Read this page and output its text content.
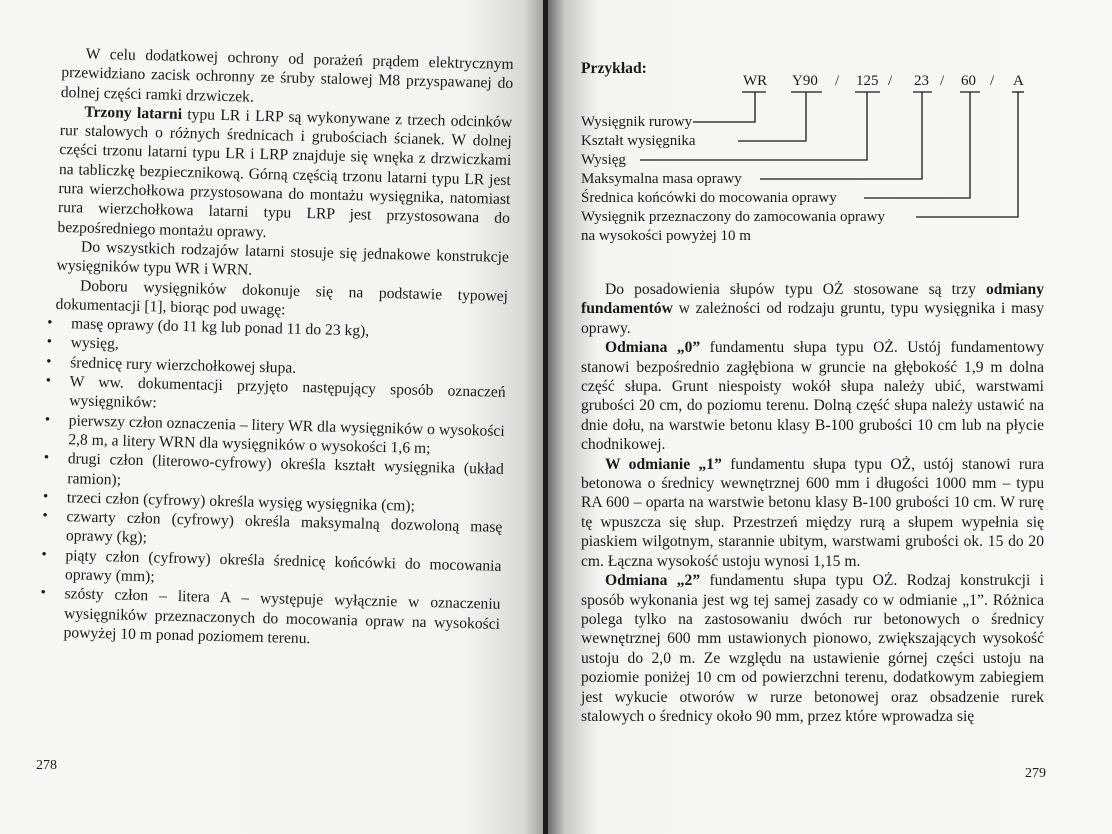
W celu dodatkowej ochrony od porażeń prądem elektrycznym przewidziano zacisk ochronny ze śruby stalowej M8 przyspawanej do dolnej części ramki drzwiczek.

Trzony latarni typu LR i LRP są wykonywane z trzech odcinków rur stalowych o różnych średnicach i grubościach ścianek. W dolnej części trzonu latarni typu LR i LRP znajduje się wnęka z drzwiczkami na tabliczkę bezpiecznikową. Górną częścią trzonu latarni typu LR jest rura wierzchołkowa przystosowana do montażu wysięgnika, natomiast rura wierzchołkowa latarni typu LRP jest przystosowana do bezpośredniego montażu oprawy.

Do wszystkich rodzajów latarni stosuje się jednakowe konstrukcje wysięgników typu WR i WRN.

Doboru wysięgników dokonuje się na podstawie typowej dokumentacji [1], biorąc pod uwagę:

• masę oprawy (do 11 kg lub ponad 11 do 23 kg),

• wysięg,

• średnicę rury wierzchołkowej słupa.

• W ww. dokumentacji przyjęto następujący sposób oznaczeń wysięgników:

• pierwszy człon oznaczenia – litery WR dla wysięgników o wysokości 2,8 m, a litery WRN dla wysięgników o wysokości 1,6 m;

• drugi człon (literowo-cyfrowy) określa kształt wysięgnika (układ ramion);

• trzeci człon (cyfrowy) określa wysięg wysięgnika (cm);

• czwarty człon (cyfrowy) określa maksymalną dozwoloną masę oprawy (kg);

• piąty człon (cyfrowy) określa średnicę końcówki do mocowania oprawy (mm);

• szósty człon – litera A – występuje wyłącznie w oznaczeniu wysięgników przeznaczonych do mocowania opraw na wysokości powyżej 10 m ponad poziomem terenu.

278
Przykład:
WR Y90 / 125 / 23 / 60 / A
Wysięgnik rurowy
Kształt wysięgnika
Wysięg
Maksymalna masa oprawy
Średnica końcówki do mocowania oprawy
Wysięgnik przeznaczony do zamocowania oprawy
na wysokości powyżej 10 m

Do posadowienia słupów typu OŻ stosowane są trzy odmiany fundamentów w zależności od rodzaju gruntu, typu wysięgnika i masy oprawy.

Odmiana „0” fundamentu słupa typu OŻ. Ustój fundamentowy stanowi bezpośrednio zagłębiona w gruncie na głębokość 1,9 m dolna część słupa. Grunt niespoisty wokół słupa należy ubić, warstwami grubości 20 cm, do poziomu terenu. Dolną część słupa należy ustawić na dnie dołu, na warstwie betonu klasy B-100 grubości 10 cm lub na płycie chodnikowej.

W odmianie „1” fundamentu słupa typu OŻ, ustój stanowi rura betonowa o średnicy wewnętrznej 600 mm i długości 1000 mm – typu RA 600 – oparta na warstwie betonu klasy B-100 grubości 10 cm. W rurę tę wpuszcza się słup. Przestrzeń między rurą a słupem wypełnia się piaskiem wilgotnym, starannie ubitym, warstwami grubości ok. 15 do 20 cm. Łączna wysokość ustoju wynosi 1,15 m.

Odmiana „2” fundamentu słupa typu OŻ. Rodzaj konstrukcji i sposób wykonania jest wg tej samej zasady co w odmianie „1”. Różnica polega tylko na zastosowaniu dwóch rur betonowych o średnicy wewnętrznej 600 mm ustawionych pionowo, zwiększających wysokość ustoju do 2,0 m. Ze względu na ustawienie górnej części ustoju na poziomie poniżej 10 cm od powierzchni terenu, dodatkowym zabiegiem jest wykucie otworów w rurze betonowej oraz obsadzenie rurek stalowych o średnicy około 90 mm, przez które wprowadza się

279
